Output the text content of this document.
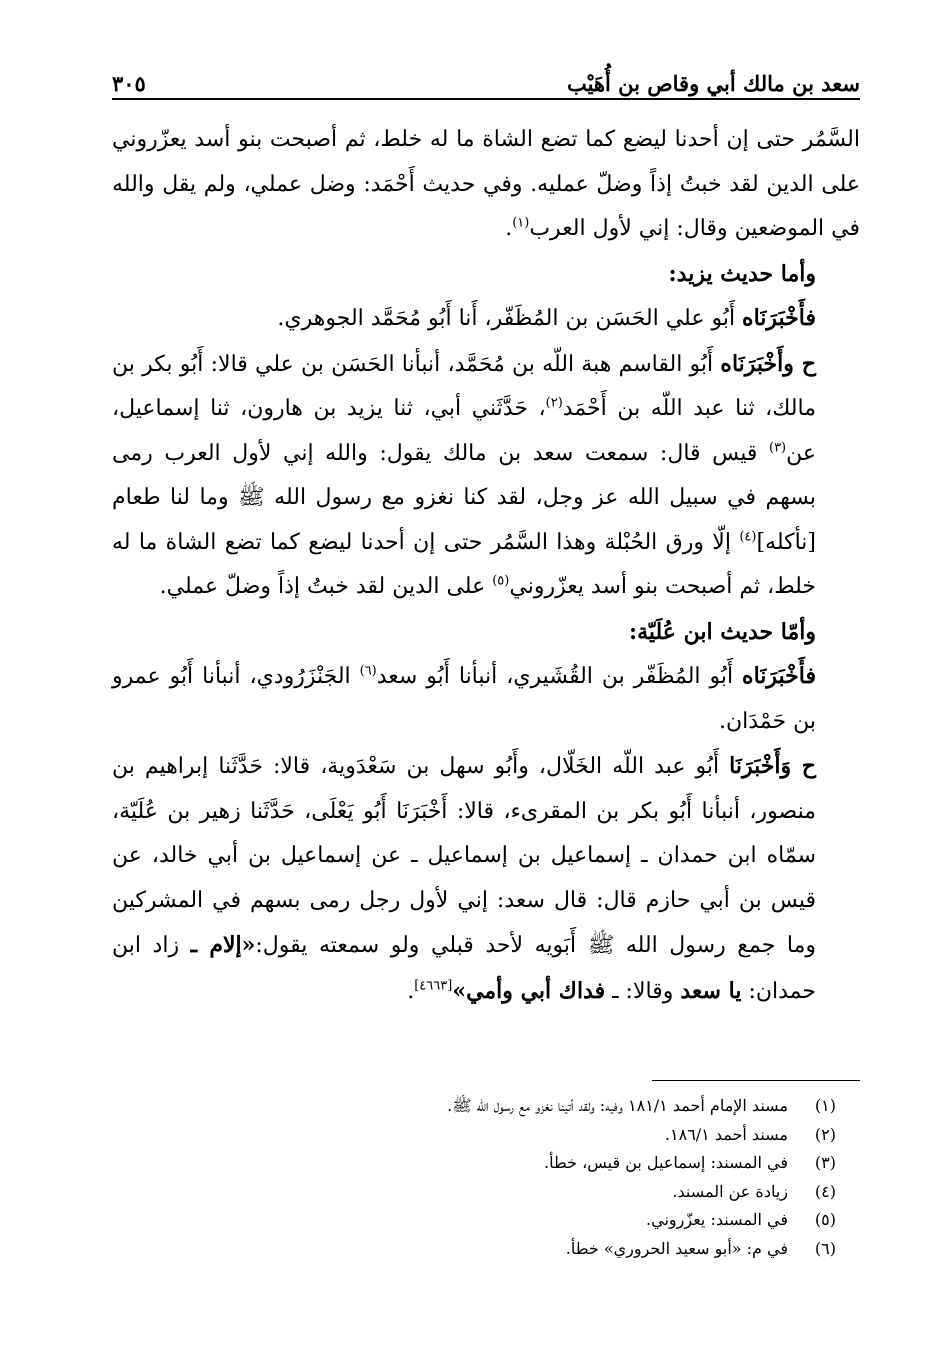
سعد بن مالك أبي وقاص بن أُهَيْب
٣٠٥

السَّمُر حتى إن أحدنا ليضع كما تضع الشاة ما له خلط، ثم أصبحت بنو أسد يعزّروني على الدين لقد خبتُ إذاً وضلّ عمليه. وفي حديث أَحْمَد: وضل عملي، ولم يقل والله في الموضعين وقال: إني لأول العرب$^{(١)}$.

وأما حديث يزيد:

فأَخْبَرَنَاه أَبُو علي الحَسَن بن المُظَفّر، أَنا أَبُو مُحَمَّد الجوهري.

ح وأَخْبَرَنَاه أَبُو القاسم هبة اللّه بن مُحَمَّد، أنبأنا الحَسَن بن علي قالا: أَبُو بكر بن مالك، ثنا عبد اللّه بن أَحْمَد$^{(٢)}$، حَدَّثَني أبي، ثنا يزيد بن هارون، ثنا إسماعيل، عن$^{(٣)}$ قيس قال: سمعت سعد بن مالك يقول: والله إني لأول العرب رمى بسهم في سبيل الله عز وجل، لقد كنا نغزو مع رسول الله ﷺ وما لنا طعام [نأكله]$^{(٤)}$ إلّا ورق الحُبْلة وهذا السَّمُر حتى إن أحدنا ليضع كما تضع الشاة ما له خلط، ثم أصبحت بنو أسد يعزّروني$^{(٥)}$ على الدين لقد خبتُ إذاً وضلّ عملي.

وأمّا حديث ابن عُلَيّة:

فأَخْبَرَنَاه أَبُو المُظَفّر بن القُشَيري، أنبأنا أَبُو سعد$^{(٦)}$ الجَنْزَرُودي، أنبأنا أَبُو عمرو بن حَمْدَان.

ح وَأَخْبَرَنَا أَبُو عبد اللّه الخَلّال، وأَبُو سهل بن سَعْدَوية، قالا: حَدَّثَنا إبراهيم بن منصور، أنبأنا أَبُو بكر بن المقرىء، قالا: أَخْبَرَنَا أَبُو يَعْلَى، حَدَّثَنا زهير بن عُلَيّة، سمّاه ابن حمدان ـ إسماعيل بن إسماعيل ـ عن إسماعيل بن أبي خالد، عن قيس بن أبي حازم قال: قال سعد: إني لأول رجل رمى بسهم في المشركين وما جمع رسول الله ﷺ أَبَويه لأحد قبلي ولو سمعته يقول:«إلام ـ زاد ابن حمدان: يا سعد وقالا: ـ فداك أبي وأمي»[٤٦٦٣].

(١)
مسند الإمام أحمد ١٨١/١ وفيه: ولقد أتينا نغزو مع رسول الله ﷺ.
(٢)
مسند أحمد ١٨٦/١.
(٣)
في المسند: إسماعيل بن قيس، خطأ.
(٤)
زيادة عن المسند.
(٥)
في المسند: يعزّروني.
(٦)
في م: «أبو سعيد الحروري» خطأ.
